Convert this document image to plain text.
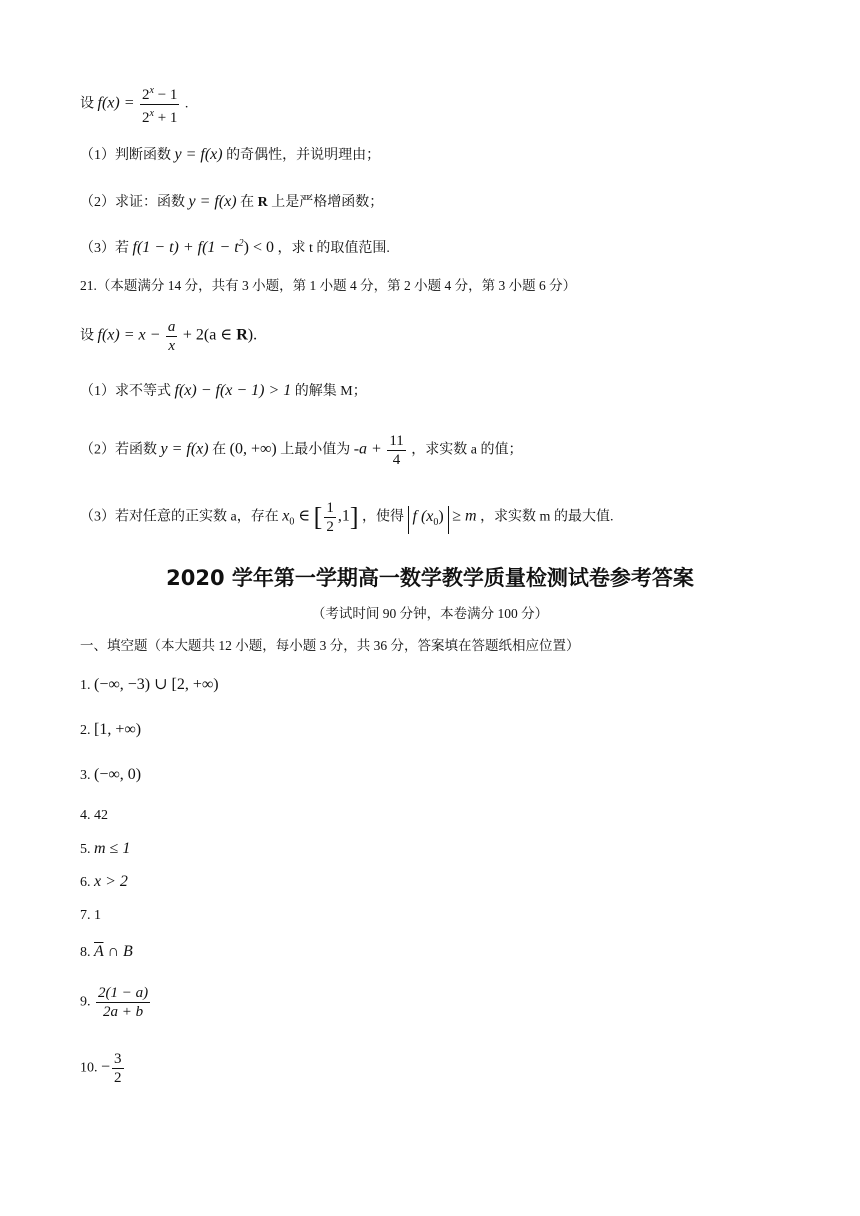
设 $f(x) = \frac{2^x - 1}{2^x + 1}$ .
（1）判断函数 y = f(x) 的奇偶性，并说明理由；
（2）求证：函数 y = f(x) 在 R 上是严格增函数；
（3）若 $f(1 - t) + f(1 - t^2) < 0$ ，求 t 的取值范围.
21.（本题满分 14 分，共有 3 小题，第 1 小题 4 分，第 2 小题 4 分，第 3 小题 6 分）
设 $f(x) = x - \frac{a}{x} + 2(a$ ∈ R).
（1）求不等式 f(x) − f(x − 1) > 1 的解集 M；
（2）若函数 y = f(x) 在 (0, +∞) 上最小值为 $-a + \frac{11}{4}$ ，求实数 a 的值；
（3）若对任意的正实数 a，存在 $x_0$ ∈ [ $\frac{1}{2} ,1$] ，使得 f $(x_0) \ge m$ ，求实数 m 的最大值.
2020 学年第一学期高一数学教学质量检测试卷参考答案
（考试时间 90 分钟，本卷满分 100 分）
一、填空题（本大题共 12 小题，每小题 3 分，共 36 分，答案填在答题纸相应位置）
1. (−∞, −3) ∪ [2, +∞)
2. [1, +∞)
3. (−∞, 0)
4. 42
5. m ≤ 1
6. x > 2
7. 1
8. $\overline{A}$ ∩ B
9. $\frac{2(1 - a)}{2a + b}$
10. − $\frac{3}{2}$
